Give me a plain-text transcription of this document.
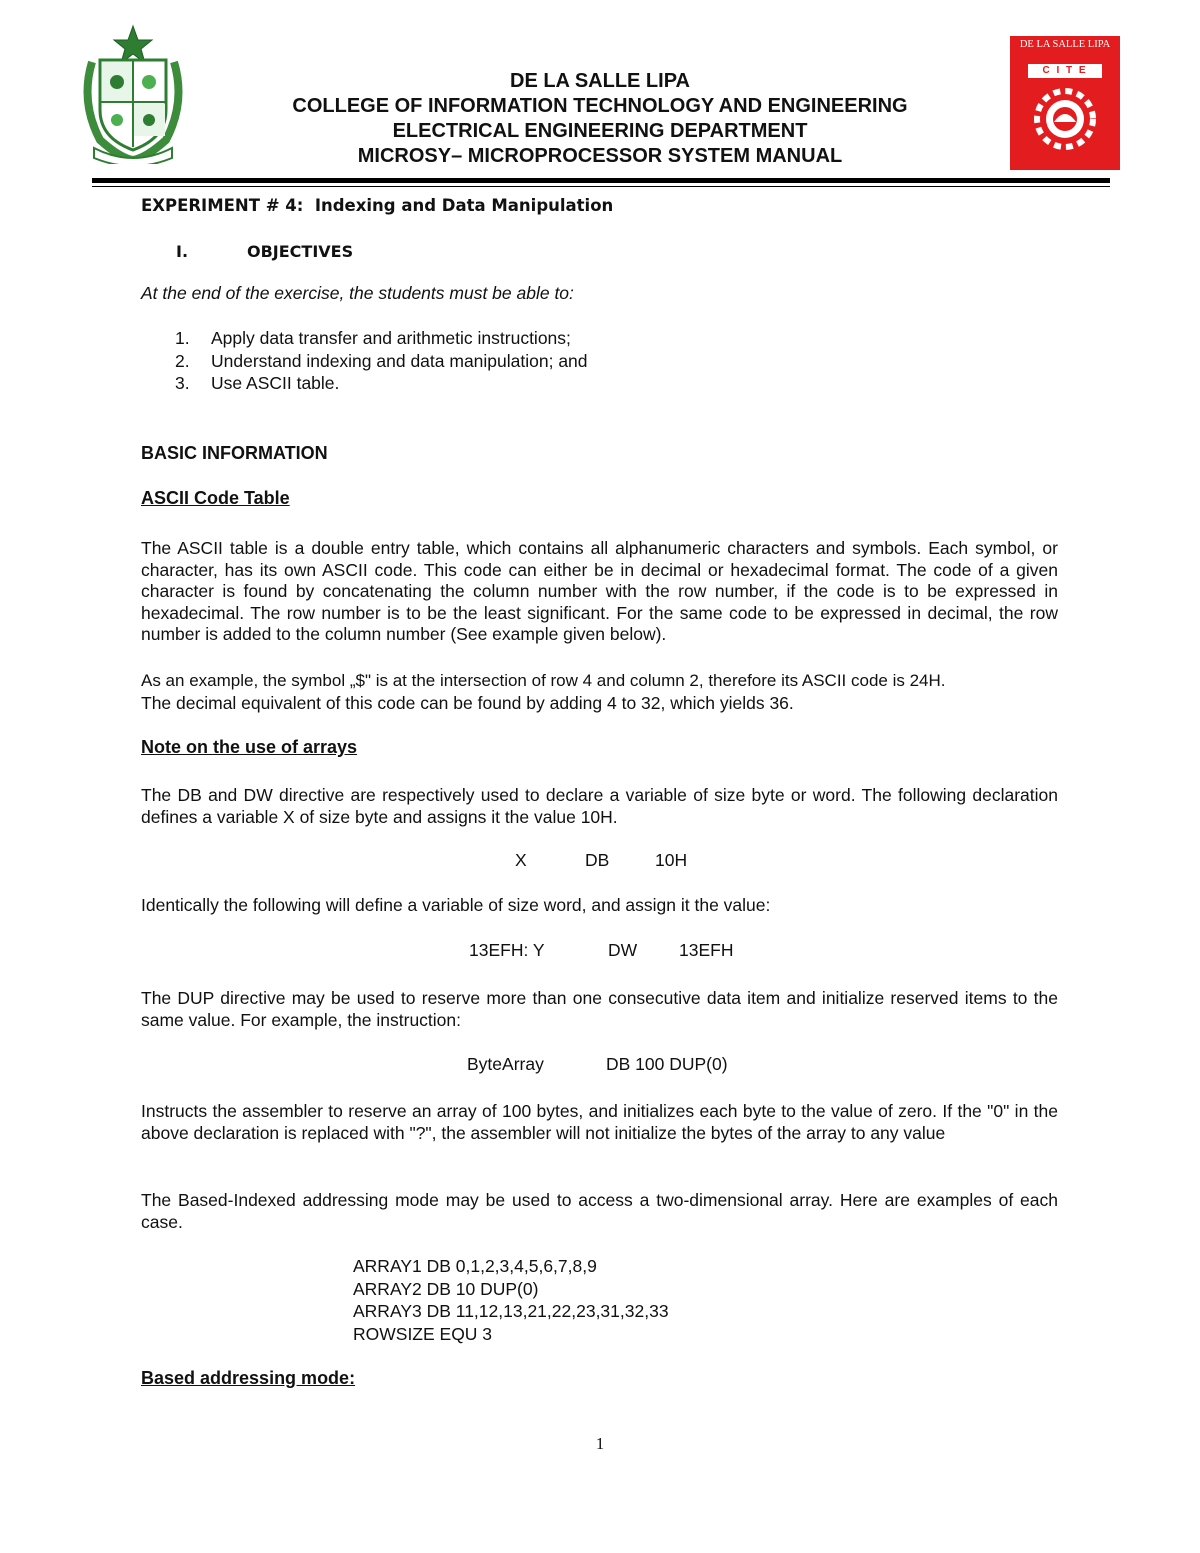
DE LA SALLE LIPA
C I T E
DE LA SALLE LIPA
COLLEGE OF INFORMATION TECHNOLOGY AND ENGINEERING
ELECTRICAL ENGINEERING DEPARTMENT
MICROSY– MICROPROCESSOR SYSTEM MANUAL
EXPERIMENT # 4:  Indexing and Data Manipulation
I.	OBJECTIVES
At the end of the exercise, the students must be able to:
1. Apply data transfer and arithmetic instructions;
2. Understand indexing and data manipulation; and
3. Use ASCII table.
BASIC INFORMATION
ASCII Code Table
The ASCII table is a double entry table, which contains all alphanumeric characters and symbols. Each symbol, or character, has its own ASCII code. This code can either be in decimal or hexadecimal format. The code of a given character is found by concatenating the column number with the row number, if the code is to be expressed in hexadecimal. The row number is to be the least significant. For the same code to be expressed in decimal, the row number is added to the column number (See example given below).
As an example, the symbol „$" is at the intersection of row 4 and column 2, therefore its ASCII code is 24H.
The decimal equivalent of this code can be found by adding 4 to 32, which yields 36.
Note on the use of arrays
The DB and DW directive are respectively used to declare a variable of size byte or word. The following declaration defines a variable X of size byte and assigns it the value 10H.
X	DB	10H
Identically the following will define a variable of size word, and assign it the value:
13EFH: Y	DW 13EFH
The DUP directive may be used to reserve more than one consecutive data item and initialize reserved items to the same value. For example, the instruction:
ByteArray	DB 100 DUP(0)
Instructs the assembler to reserve an array of 100 bytes, and initializes each byte to the value of zero. If the "0" in the above declaration is replaced with "?", the assembler will not initialize the bytes of the array to any value
The Based-Indexed addressing mode may be used to access a two-dimensional array. Here are examples of each case.
ARRAY1 DB 0,1,2,3,4,5,6,7,8,9
ARRAY2 DB 10 DUP(0)
ARRAY3 DB 11,12,13,21,22,23,31,32,33
ROWSIZE EQU 3
Based addressing mode:
1
